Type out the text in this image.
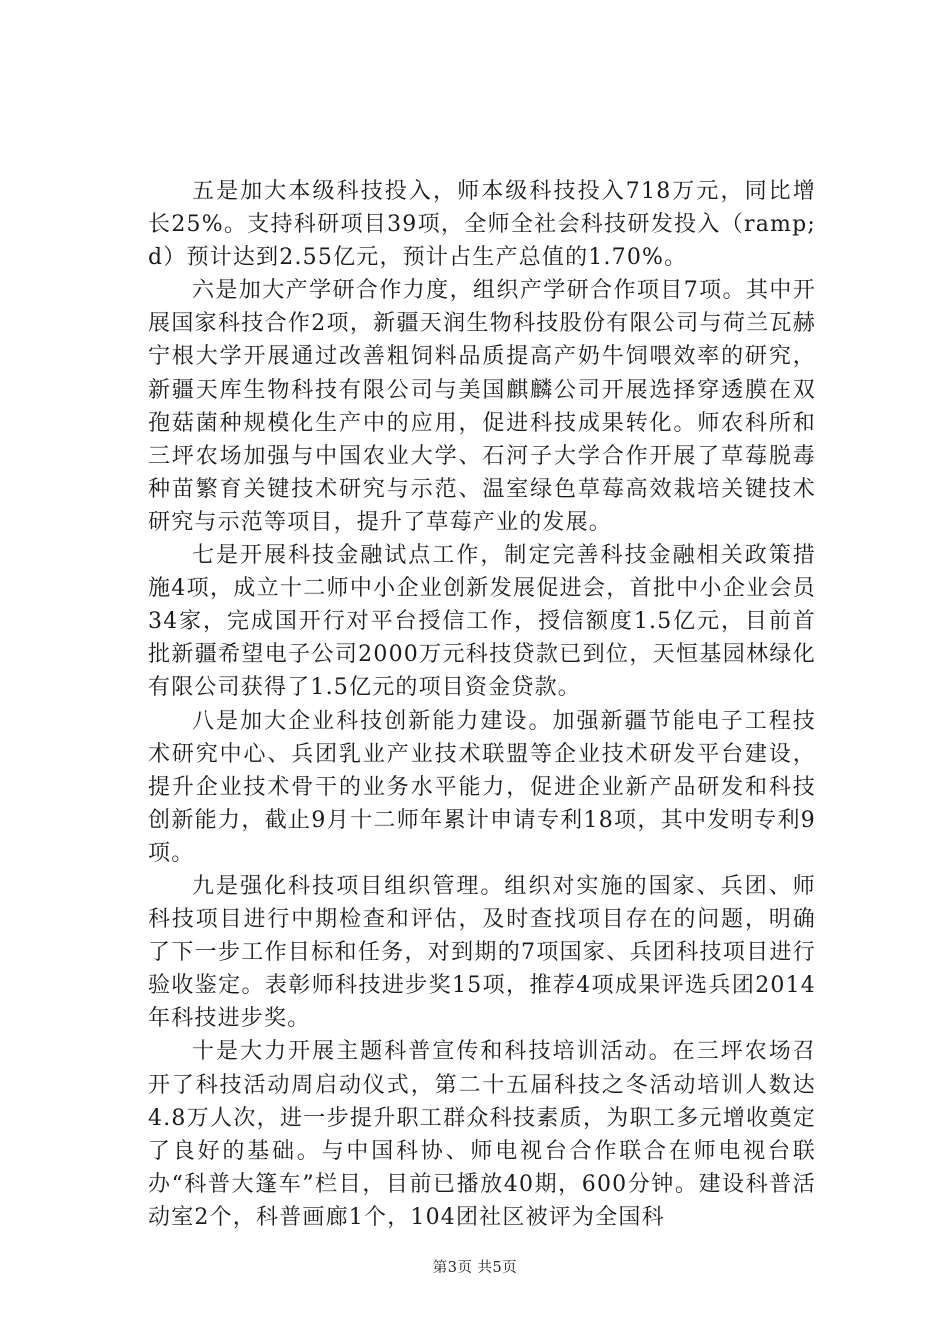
五是加大本级科技投入，师本级科技投入718万元，同比增长25%。支持科研项目39项，全师全社会科技研发投入（ramp;d）预计达到2.55亿元，预计占生产总值的1.70%。

六是加大产学研合作力度，组织产学研合作项目7项。其中开展国家科技合作2项，新疆天润生物科技股份有限公司与荷兰瓦赫宁根大学开展通过改善粗饲料品质提高产奶牛饲喂效率的研究，新疆天库生物科技有限公司与美国麒麟公司开展选择穿透膜在双孢菇菌种规模化生产中的应用，促进科技成果转化。师农科所和三坪农场加强与中国农业大学、石河子大学合作开展了草莓脱毒种苗繁育关键技术研究与示范、温室绿色草莓高效栽培关键技术研究与示范等项目，提升了草莓产业的发展。

七是开展科技金融试点工作，制定完善科技金融相关政策措施4项，成立十二师中小企业创新发展促进会，首批中小企业会员34家，完成国开行对平台授信工作，授信额度1.5亿元，目前首批新疆希望电子公司2000万元科技贷款已到位，天恒基园林绿化有限公司获得了1.5亿元的项目资金贷款。

八是加大企业科技创新能力建设。加强新疆节能电子工程技术研究中心、兵团乳业产业技术联盟等企业技术研发平台建设，提升企业技术骨干的业务水平能力，促进企业新产品研发和科技创新能力，截止9月十二师年累计申请专利18项，其中发明专利9项。

九是强化科技项目组织管理。组织对实施的国家、兵团、师科技项目进行中期检查和评估，及时查找项目存在的问题，明确了下一步工作目标和任务，对到期的7项国家、兵团科技项目进行验收鉴定。表彰师科技进步奖15项，推荐4项成果评选兵团2014年科技进步奖。

十是大力开展主题科普宣传和科技培训活动。在三坪农场召开了科技活动周启动仪式，第二十五届科技之冬活动培训人数达4.8万人次，进一步提升职工群众科技素质，为职工多元增收奠定了良好的基础。与中国科协、师电视台合作联合在师电视台联办“科普大篷车”栏目，目前已播放40期，600分钟。建设科普活动室2个，科普画廊1个，104团社区被评为全国科

第3页 共5页
